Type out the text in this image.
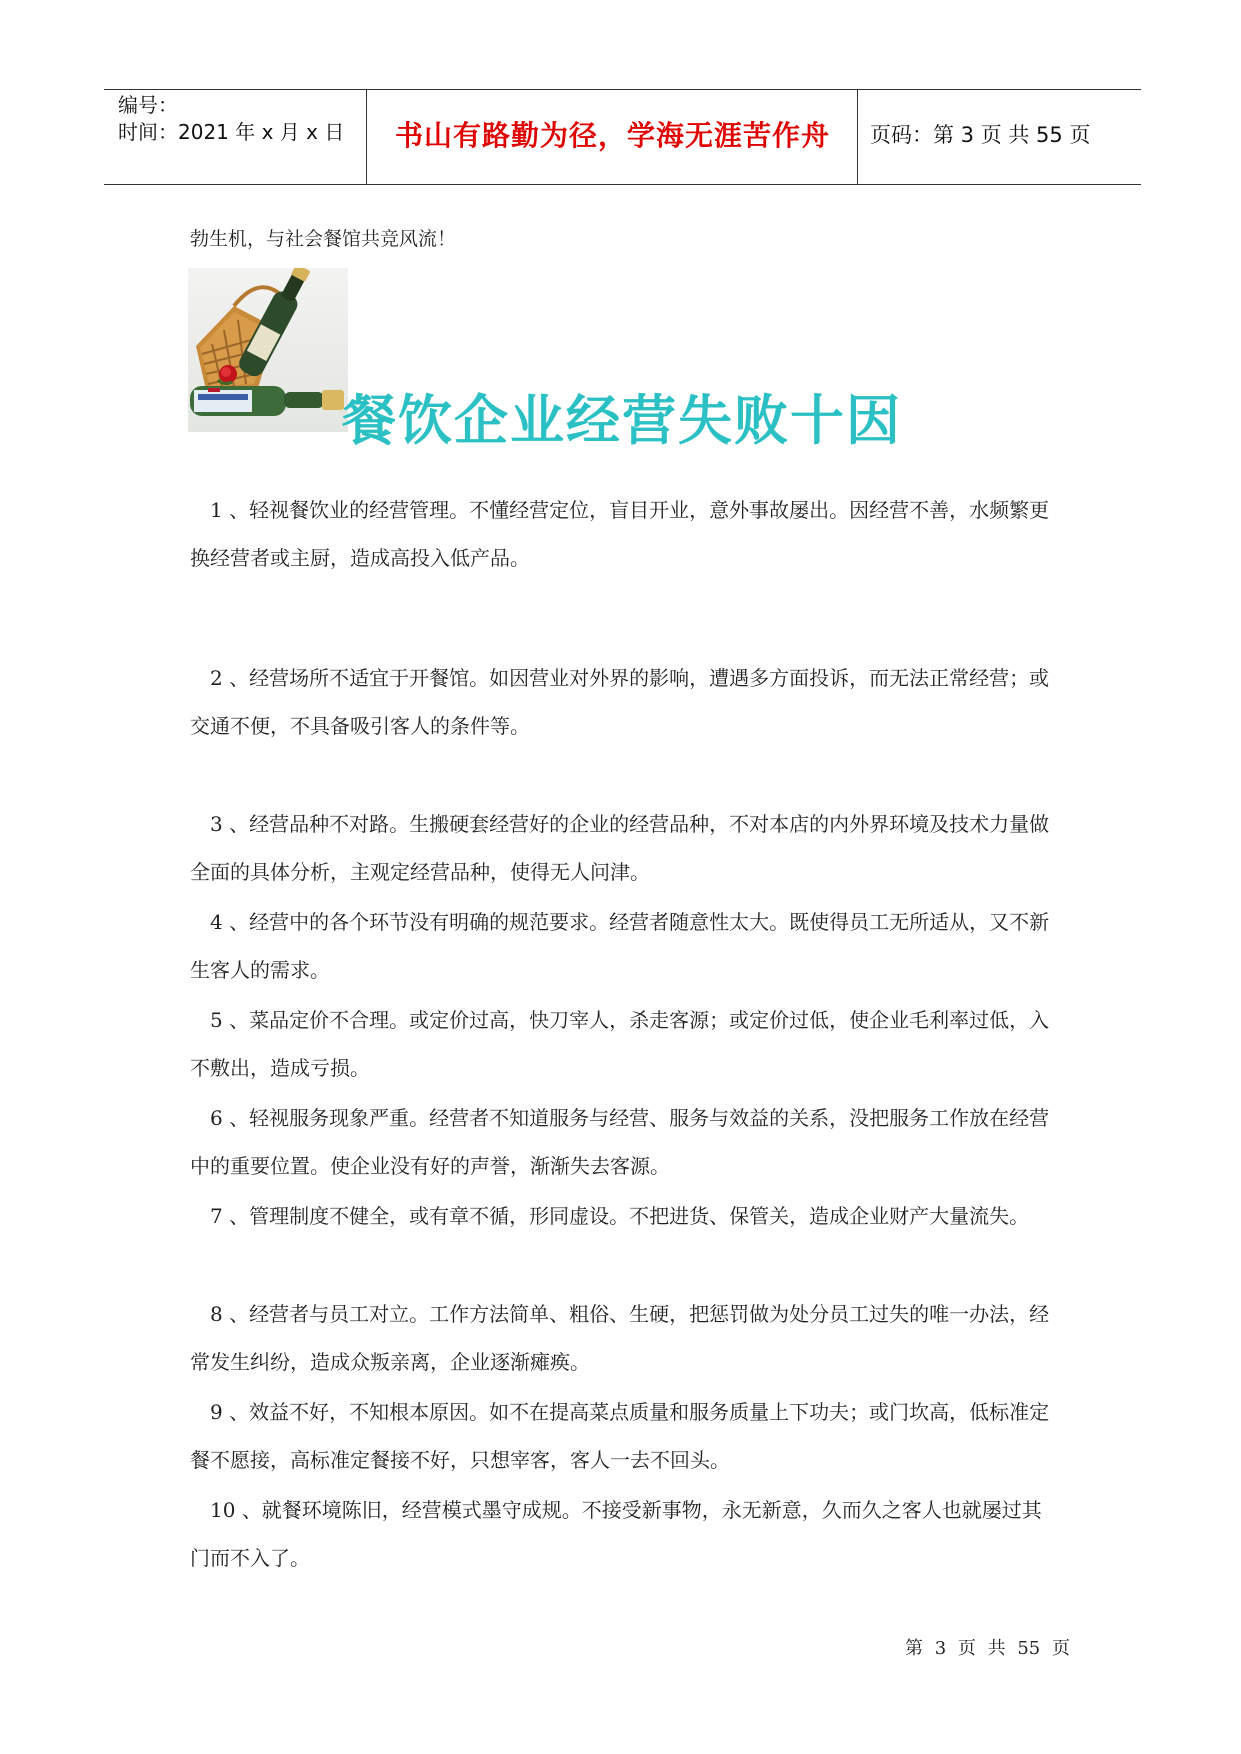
编号：
时间：2021 年 x 月 x 日	书山有路勤为径，学海无涯苦作舟	页码：第 3 页 共 55 页
勃生机，与社会餐馆共竞风流！
餐饮企业经营失败十因
1 、轻视餐饮业的经营管理。不懂经营定位，盲目开业，意外事故屡出。因经营不善，水频繁更换经营者或主厨，造成高投入低产品。
2 、经营场所不适宜于开餐馆。如因营业对外界的影响，遭遇多方面投诉，而无法正常经营；或交通不便，不具备吸引客人的条件等。
3 、经营品种不对路。生搬硬套经营好的企业的经营品种，不对本店的内外界环境及技术力量做全面的具体分析，主观定经营品种，使得无人问津。
4 、经营中的各个环节没有明确的规范要求。经营者随意性太大。既使得员工无所适从，又不新生客人的需求。
5 、菜品定价不合理。或定价过高，快刀宰人，杀走客源；或定价过低，使企业毛利率过低，入不敷出，造成亏损。
6 、轻视服务现象严重。经营者不知道服务与经营、服务与效益的关系，没把服务工作放在经营中的重要位置。使企业没有好的声誉，渐渐失去客源。
7 、管理制度不健全，或有章不循，形同虚设。不把进货、保管关，造成企业财产大量流失。
8 、经营者与员工对立。工作方法简单、粗俗、生硬，把惩罚做为处分员工过失的唯一办法，经常发生纠纷，造成众叛亲离，企业逐渐瘫痪。
9 、效益不好，不知根本原因。如不在提高菜点质量和服务质量上下功夫；或门坎高，低标准定餐不愿接，高标准定餐接不好，只想宰客，客人一去不回头。
10 、就餐环境陈旧，经营模式墨守成规。不接受新事物，永无新意，久而久之客人也就屡过其门而不入了。
第 3 页 共 55 页
